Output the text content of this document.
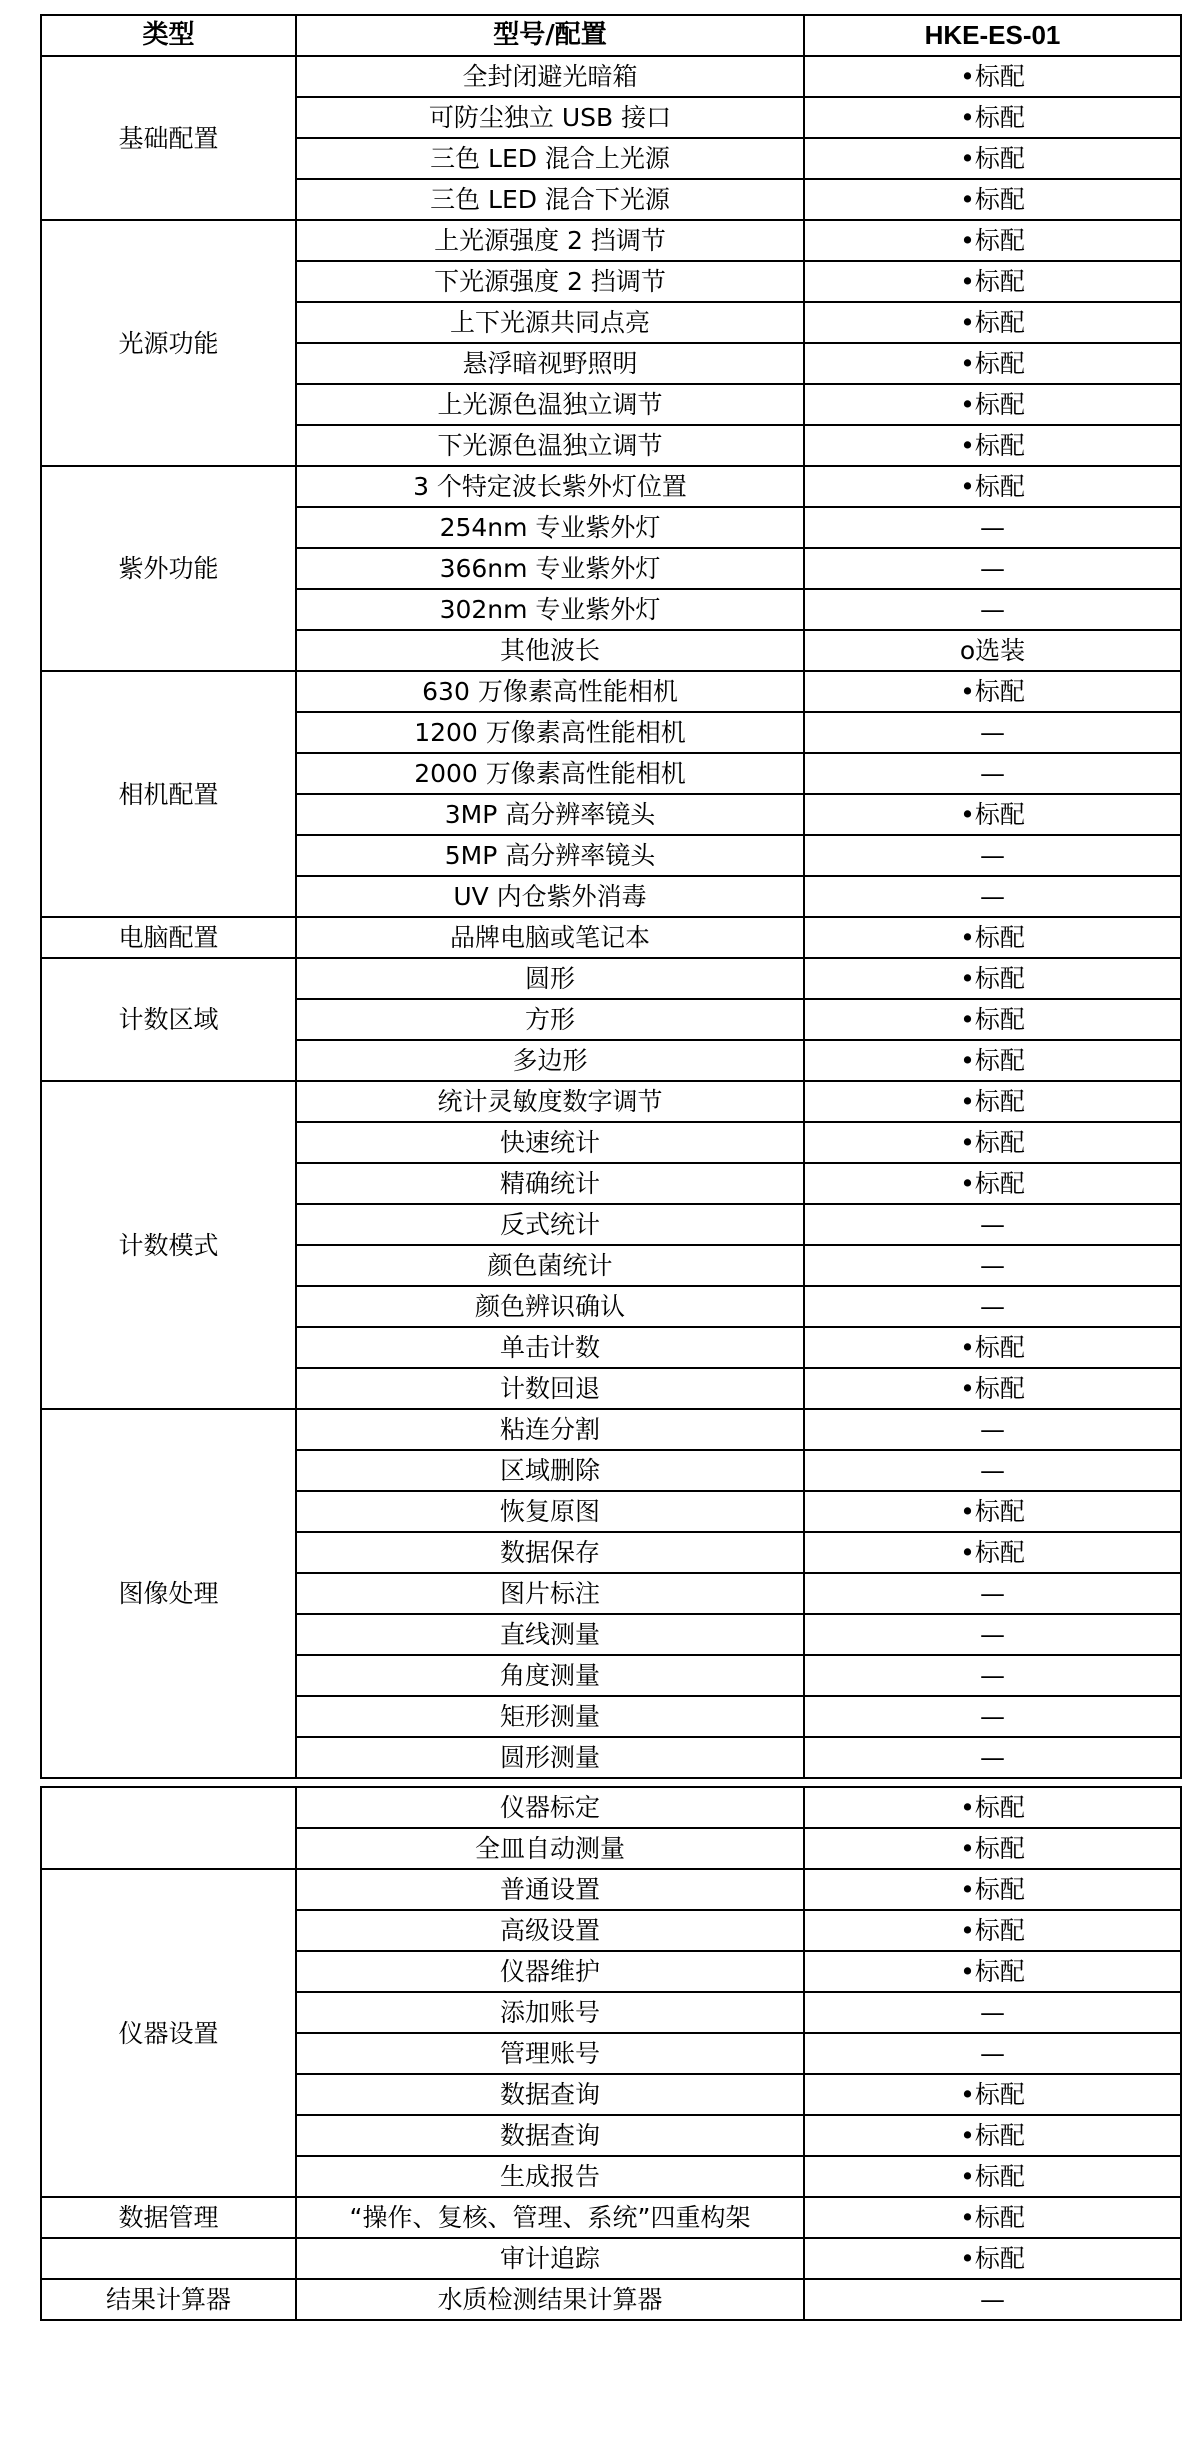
类型	型号/配置	HKE-ES-01
基础配置	全封闭避光暗箱	•标配
	可防尘独立 USB 接口	•标配
	三色 LED 混合上光源	•标配
	三色 LED 混合下光源	•标配
光源功能	上光源强度 2 挡调节	•标配
	下光源强度 2 挡调节	•标配
	上下光源共同点亮	•标配
	悬浮暗视野照明	•标配
	上光源色温独立调节	•标配
	下光源色温独立调节	•标配
紫外功能	3 个特定波长紫外灯位置	•标配
	254nm 专业紫外灯	—
	366nm 专业紫外灯	—
	302nm 专业紫外灯	—
	其他波长	o选装
相机配置	630 万像素高性能相机	•标配
	1200 万像素高性能相机	—
	2000 万像素高性能相机	—
	3MP 高分辨率镜头	•标配
	5MP 高分辨率镜头	—
	UV 内仓紫外消毒	—
电脑配置	品牌电脑或笔记本	•标配
计数区域	圆形	•标配
	方形	•标配
	多边形	•标配
计数模式	统计灵敏度数字调节	•标配
	快速统计	•标配
	精确统计	•标配
	反式统计	—
	颜色菌统计	—
	颜色辨识确认	—
	单击计数	•标配
	计数回退	•标配
图像处理	粘连分割	—
	区域删除	—
	恢复原图	•标配
	数据保存	•标配
	图片标注	—
	直线测量	—
	角度测量	—
	矩形测量	—
	圆形测量	—
	仪器标定	•标配
	全皿自动测量	•标配
仪器设置	普通设置	•标配
	高级设置	•标配
	仪器维护	•标配
	添加账号	—
	管理账号	—
	数据查询	•标配
	数据查询	•标配
	生成报告	•标配
数据管理	“操作、复核、管理、系统”四重构架	•标配
	审计追踪	•标配
结果计算器	水质检测结果计算器	—
